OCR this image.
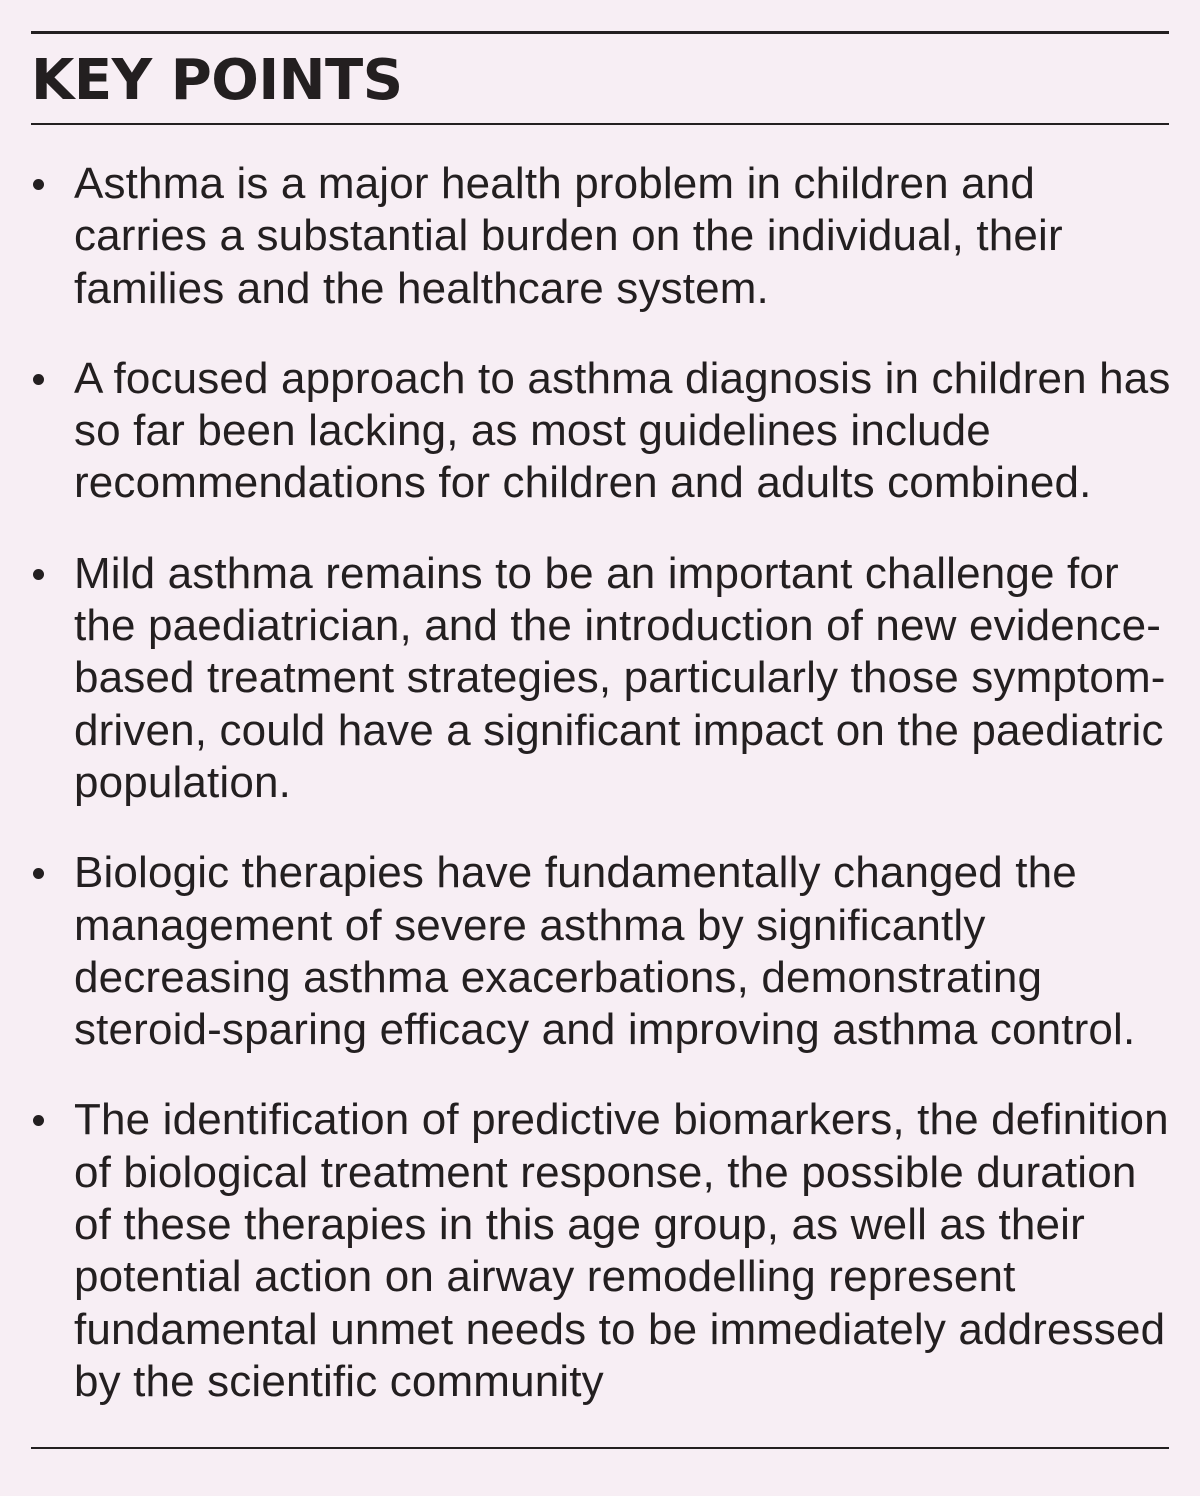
KEY POINTS
Asthma is a major health problem in children and carries a substantial burden on the individual, their families and the healthcare system.
A focused approach to asthma diagnosis in children has so far been lacking, as most guidelines include recommendations for children and adults combined.
Mild asthma remains to be an important challenge for the paediatrician, and the introduction of new evidence-based treatment strategies, particularly those symptom-driven, could have a significant impact on the paediatric population.
Biologic therapies have fundamentally changed the management of severe asthma by significantly decreasing asthma exacerbations, demonstrating steroid-sparing efficacy and improving asthma control.
The identification of predictive biomarkers, the definition of biological treatment response, the possible duration of these therapies in this age group, as well as their potential action on airway remodelling represent fundamental unmet needs to be immediately addressed by the scientific community
